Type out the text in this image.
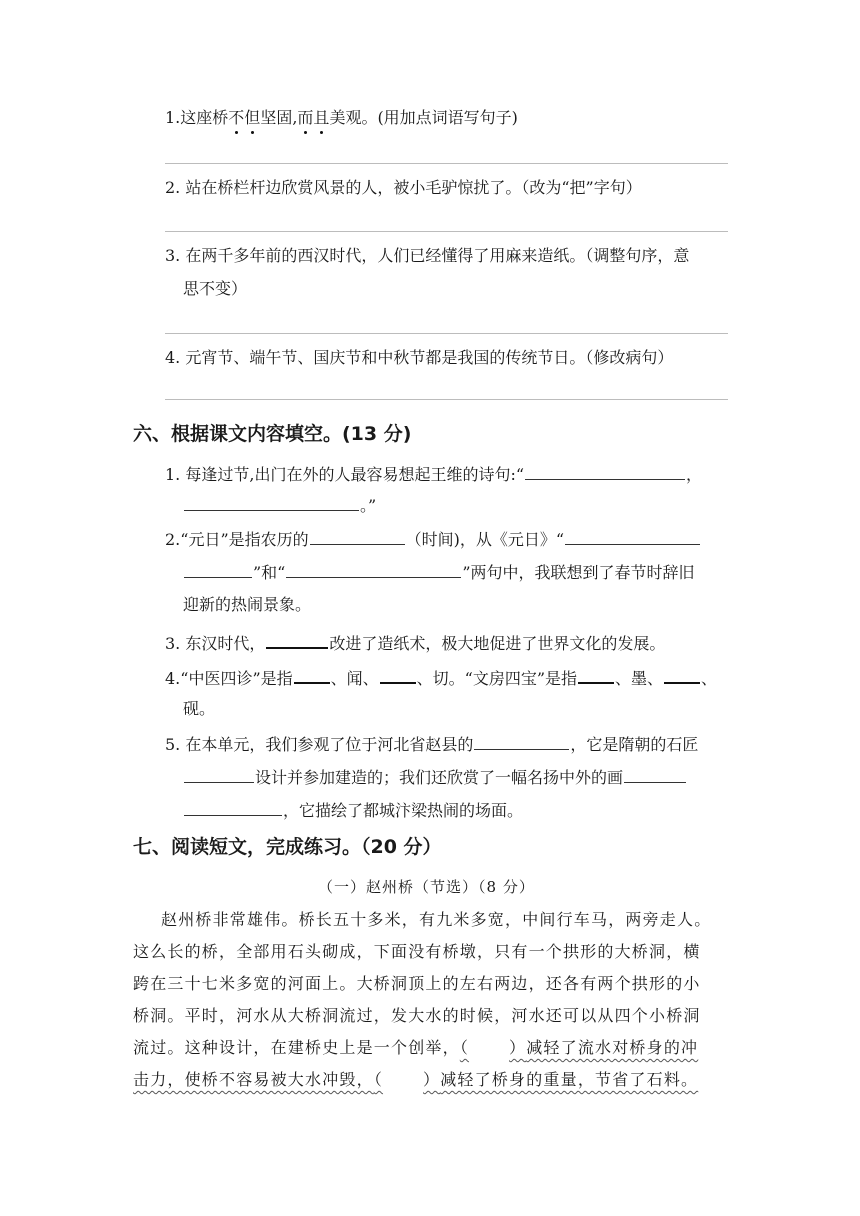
1.这座桥不但坚固,而且美观。(用加点词语写句子)
2. 站在桥栏杆边欣赏风景的人，被小毛驴惊扰了。（改为“把”字句）
3. 在两千多年前的西汉时代，人们已经懂得了用麻来造纸。（调整句序，意
思不变）
4. 元宵节、端午节、国庆节和中秋节都是我国的传统节日。（修改病句）
六、根据课文内容填空。(13 分)
1. 每逢过节,出门在外的人最容易想起王维的诗句:“	，
。”
2.“元日”是指农历的	（时间)，从《元日》“
”和“	”两句中，我联想到了春节时辞旧
迎新的热闹景象。
3. 东汉时代，	改进了造纸术，极大地促进了世界文化的发展。
4.“中医四诊”是指 、闻、 、切。“文房四宝”是指 、墨、 、
砚。
5. 在本单元，我们参观了位于河北省赵县的	，它是隋朝的石匠
设计并参加建造的；我们还欣赏了一幅名扬中外的画
，它描绘了都城汴梁热闹的场面。
七、阅读短文，完成练习。（20 分）
（一）赵州桥（节选）（8 分）
赵州桥非常雄伟。桥长五十多米，有九米多宽，中间行车马，两旁走人。
这么长的桥，全部用石头砌成，下面没有桥墩，只有一个拱形的大桥洞，横
跨在三十七米多宽的河面上。大桥洞顶上的左右两边，还各有两个拱形的小
桥洞。平时，河水从大桥洞流过，发大水的时候，河水还可以从四个小桥洞
流过。这种设计，在建桥史上是一个创举，（	）减轻了流水对桥身的冲
击力，使桥不容易被大水冲毁，（	）减轻了桥身的重量，节省了石料。
